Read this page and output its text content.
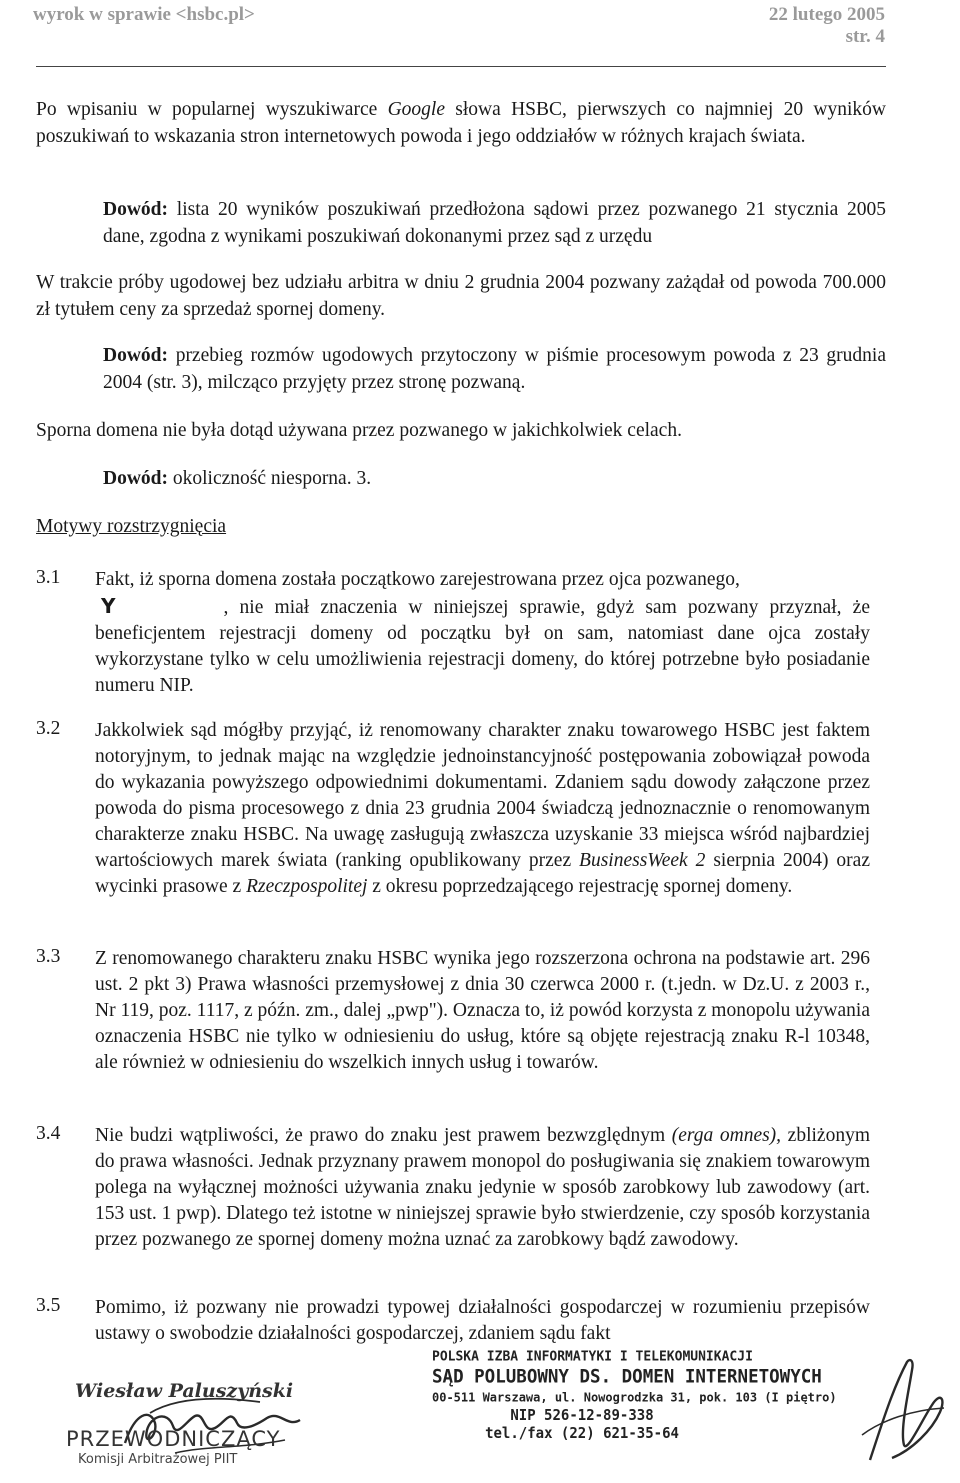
wyrok w sprawie <hsbc.pl>	22 lutego 2005
str. 4
Po wpisaniu w popularnej wyszukiwarce Google słowa HSBC, pierwszych co najmniej 20 wyników poszukiwań to wskazania stron internetowych powoda i jego oddziałów w różnych krajach świata.
Dowód: lista 20 wyników poszukiwań przedłożona sądowi przez pozwanego 21 stycznia 2005 dane, zgodna z wynikami poszukiwań dokonanymi przez sąd z urzędu
W trakcie próby ugodowej bez udziału arbitra w dniu 2 grudnia 2004 pozwany zażądał od powoda 700.000 zł tytułem ceny za sprzedaż spornej domeny.
Dowód: przebieg rozmów ugodowych przytoczony w piśmie procesowym powoda z 23 grudnia 2004 (str. 3), milcząco przyjęty przez stronę pozwaną.
Sporna domena nie była dotąd używana przez pozwanego w jakichkolwiek celach.
Dowód: okoliczność niesporna. 3.
Motywy rozstrzygnięcia
3.1 Fakt, iż sporna domena została początkowo zarejestrowana przez ojca pozwanego,
Y	, nie miał znaczenia w niniejszej sprawie, gdyż sam pozwany przyznał, że beneficjentem rejestracji domeny od początku był on sam, natomiast dane ojca zostały wykorzystane tylko w celu umożliwienia rejestracji domeny, do której potrzebne było posiadanie numeru NIP.
3.2 Jakkolwiek sąd mógłby przyjąć, iż renomowany charakter znaku towarowego HSBC jest faktem notoryjnym, to jednak mając na względzie jednoinstancyjność postępowania zobowiązał powoda do wykazania powyższego odpowiednimi dokumentami. Zdaniem sądu dowody załączone przez powoda do pisma procesowego z dnia 23 grudnia 2004 świadczą jednoznacznie o renomowanym charakterze znaku HSBC. Na uwagę zasługują zwłaszcza uzyskanie 33 miejsca wśród najbardziej wartościowych marek świata (ranking opublikowany przez BusinessWeek 2 sierpnia 2004) oraz wycinki prasowe z Rzeczpospolitej z okresu poprzedzającego rejestrację spornej domeny.
3.3 Z renomowanego charakteru znaku HSBC wynika jego rozszerzona ochrona na podstawie art. 296 ust. 2 pkt 3) Prawa własności przemysłowej z dnia 30 czerwca 2000 r. (t.jedn. w Dz.U. z 2003 r., Nr 119, poz. 1117, z późn. zm., dalej „pwp"). Oznacza to, iż powód korzysta z monopolu używania oznaczenia HSBC nie tylko w odniesieniu do usług, które są objęte rejestracją znaku R-l 10348, ale również w odniesieniu do wszelkich innych usług i towarów.
3.4 Nie budzi wątpliwości, że prawo do znaku jest prawem bezwzględnym (erga omnes), zbliżonym do prawa własności. Jednak przyznany prawem monopol do posługiwania się znakiem towarowym polega na wyłącznej możności używania znaku jedynie w sposób zarobkowy lub zawodowy (art. 153 ust. 1 pwp). Dlatego też istotne w niniejszej sprawie było stwierdzenie, czy sposób korzystania przez pozwanego ze spornej domeny można uznać za zarobkowy bądź zawodowy.
3.5 Pomimo, iż pozwany nie prowadzi typowej działalności gospodarczej w rozumieniu przepisów ustawy o swobodzie działalności gospodarczej, zdaniem sądu fakt
POLSKA IZBA INFORMATYKI I TELEKOMUNIKACJI
SĄD POLUBOWNY DS. DOMEN INTERNETOWYCH
00-511 Warszawa, ul. Nowogrodzka 31, pok. 103 (I piętro)
NIP 526-12-89-338
tel./fax (22) 621-35-64
Wiesław Paluszyński
PRZEWODNICZĄCY
Komisji Arbitrażowej PIIT
